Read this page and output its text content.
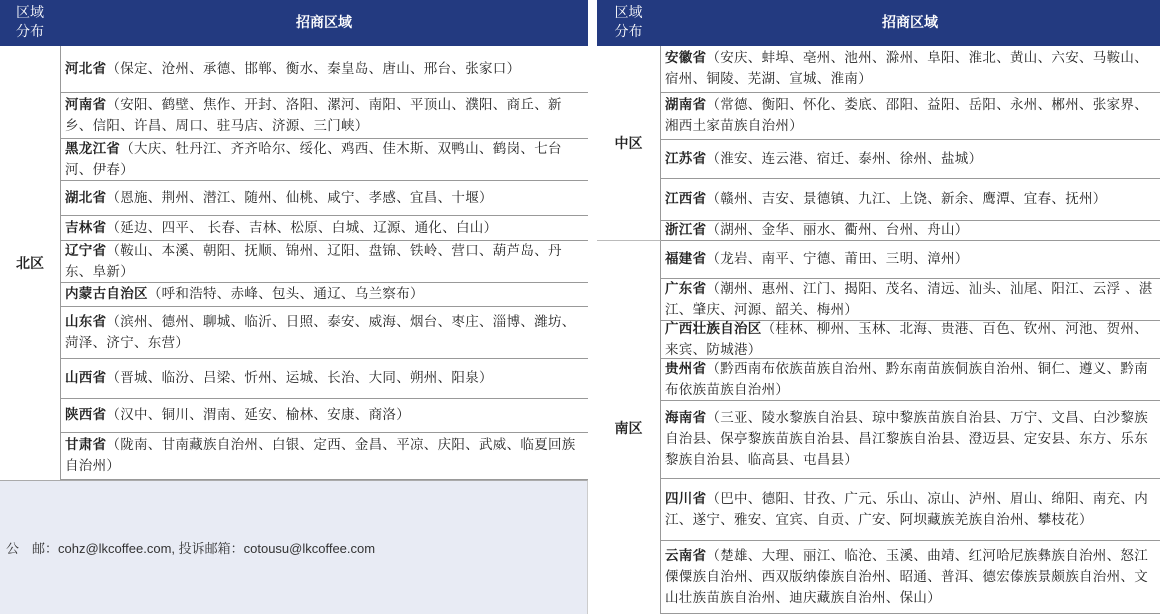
区域分布
招商区域
区域
分布
招商区域
北区
河北省（保定、沧州、承德、邯郸、衡水、秦皇岛、唐山、邢台、张家口）
河南省（安阳、鹤壁、焦作、开封、洛阳、漯河、南阳、平顶山、濮阳、商丘、新乡、信阳、许昌、周口、驻马店、济源、三门峡）
黑龙江省（大庆、牡丹江、齐齐哈尔、绥化、鸡西、佳木斯、双鸭山、鹤岗、七台河、伊春）
湖北省（恩施、荆州、潜江、随州、仙桃、咸宁、孝感、宜昌、十堰）
吉林省（延边、四平、 长春、吉林、松原、白城、辽源、通化、白山）
辽宁省（鞍山、本溪、朝阳、抚顺、锦州、辽阳、盘锦、铁岭、营口、葫芦岛、丹东、阜新）
内蒙古自治区（呼和浩特、赤峰、包头、通辽、乌兰察布）
山东省（滨州、德州、聊城、临沂、日照、泰安、威海、烟台、枣庄、淄博、潍坊、菏泽、济宁、东营）
山西省（晋城、临汾、吕梁、忻州、运城、长治、大同、朔州、阳泉）
陕西省（汉中、铜川、渭南、延安、榆林、安康、商洛）
甘肃省（陇南、甘南藏族自治州、白银、定西、金昌、平凉、庆阳、武威、临夏回族自治州）
中区
南区
安徽省（安庆、蚌埠、亳州、池州、滁州、阜阳、淮北、黄山、六安、马鞍山、宿州、铜陵、芜湖、宣城、淮南）
湖南省（常德、衡阳、怀化、娄底、邵阳、益阳、岳阳、永州、郴州、张家界、湘西土家苗族自治州）
江苏省（淮安、连云港、宿迁、泰州、徐州、盐城）
江西省（赣州、吉安、景德镇、九江、上饶、新余、鹰潭、宜春、抚州）
浙江省（湖州、金华、丽水、衢州、台州、舟山）
福建省（龙岩、南平、宁德、莆田、三明、漳州）
广东省（潮州、惠州、江门、揭阳、茂名、清远、汕头、汕尾、阳江、云浮 、湛江、肇庆、河源、韶关、梅州）
广西壮族自治区（桂林、柳州、玉林、北海、贵港、百色、钦州、河池、贺州、来宾、防城港）
贵州省（黔西南布依族苗族自治州、黔东南苗族侗族自治州、铜仁、遵义、黔南布依族苗族自治州）
海南省（三亚、陵水黎族自治县、琼中黎族苗族自治县、万宁、文昌、白沙黎族自治县、保亭黎族苗族自治县、昌江黎族自治县、澄迈县、定安县、东方、乐东黎族自治县、临高县、屯昌县）
四川省（巴中、德阳、甘孜、广元、乐山、凉山、泸州、眉山、绵阳、南充、内江、遂宁、雅安、宜宾、自贡、广安、阿坝藏族羌族自治州、攀枝花）
云南省（楚雄、大理、丽江、临沧、玉溪、曲靖、红河哈尼族彝族自治州、怒江傈僳族自治州、西双版纳傣族自治州、昭通、普洱、德宏傣族景颇族自治州、文山壮族苗族自治州、迪庆藏族自治州、保山）
公　邮：cohz@lkcoffee.com, 投诉邮箱：cotousu@lkcoffee.com
